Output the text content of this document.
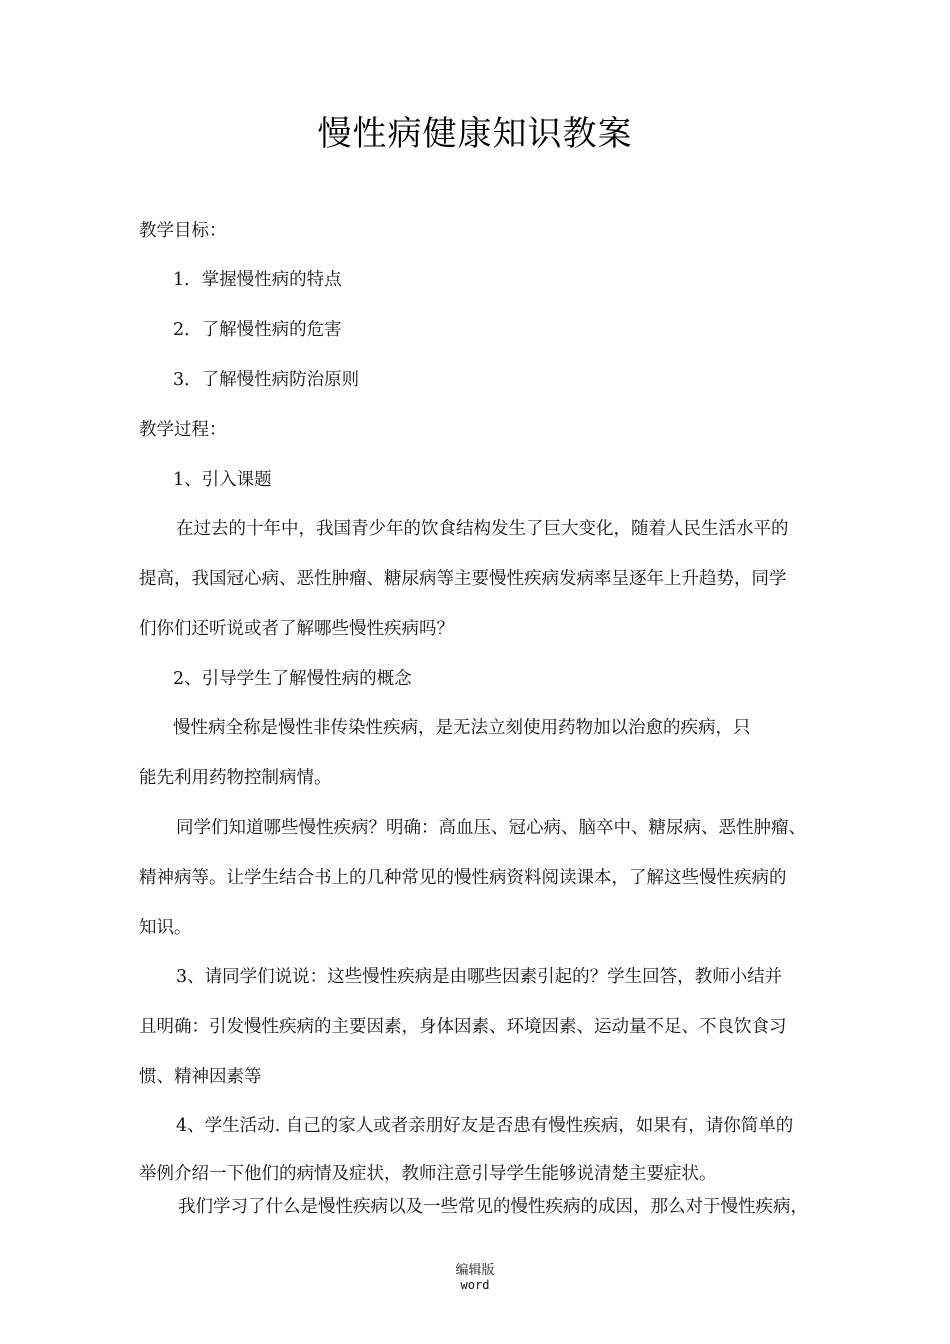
慢性病健康知识教案
教学目标：
1．掌握慢性病的特点
2．了解慢性病的危害
3．了解慢性病防治原则
教学过程：
1、引入课题
在过去的十年中，我国青少年的饮食结构发生了巨大变化，随着人民生活水平的
提高，我国冠心病、恶性肿瘤、糖尿病等主要慢性疾病发病率呈逐年上升趋势，同学
们你们还听说或者了解哪些慢性疾病吗？
2、引导学生了解慢性病的概念
慢性病全称是慢性非传染性疾病，是无法立刻使用药物加以治愈的疾病，只
能先利用药物控制病情。
同学们知道哪些慢性疾病？明确：高血压、冠心病、脑卒中、糖尿病、恶性肿瘤、
精神病等。让学生结合书上的几种常见的慢性病资料阅读课本，了解这些慢性疾病的
知识。
3、请同学们说说：这些慢性疾病是由哪些因素引起的？学生回答，教师小结并
且明确：引发慢性疾病的主要因素，身体因素、环境因素、运动量不足、不良饮食习
惯、精神因素等
4、学生活动. 自己的家人或者亲朋好友是否患有慢性疾病，如果有，请你简单的
举例介绍一下他们的病情及症状，教师注意引导学生能够说清楚主要症状。
我们学习了什么是慢性疾病以及一些常见的慢性疾病的成因，那么对于慢性疾病，
编辑版
word
